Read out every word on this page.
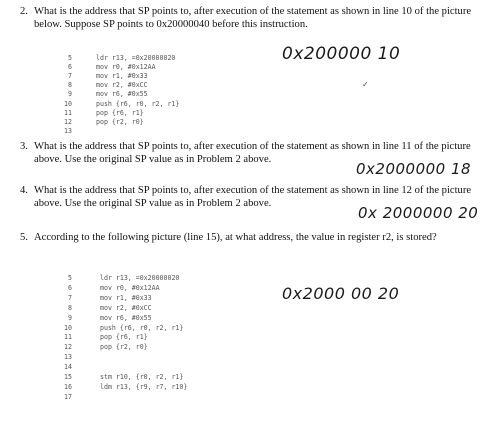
2. What is the address that SP points to, after execution of the statement as shown in line 10 of the picture below. Suppose SP points to 0x20000040 before this instruction.
5	ldr r13, =0x20000020
6	mov r0, #0x12AA
7	mov r1, #0x33
8	mov r2, #0xCC
9	mov r6, #0x55
10	push {r6, r0, r2, r1}
11	pop {r6, r1}
12	pop {r2, r0}
13
0x200000 10
✓
3. What is the address that SP points to, after execution of the statement as shown in line 11 of the picture above. Use the original SP value as in Problem 2 above.
0x2000000 18
4. What is the address that SP points to, after execution of the statement as shown in line 12 of the picture above. Use the original SP value as in Problem 2 above.
0x 2000000 20
5. According to the following picture (line 15), at what address, the value in register r2, is stored?
5	ldr r13, =0x20000020
6	mov r0, #0x12AA
7	mov r1, #0x33
8	mov r2, #0xCC
9	mov r6, #0x55
10	push {r6, r0, r2, r1}
11	pop {r6, r1}
12	pop {r2, r0}
13
14
15	stm r10, {r0, r2, r1}
16	ldm r13, {r9, r7, r10}
17
0x2000 00 20
